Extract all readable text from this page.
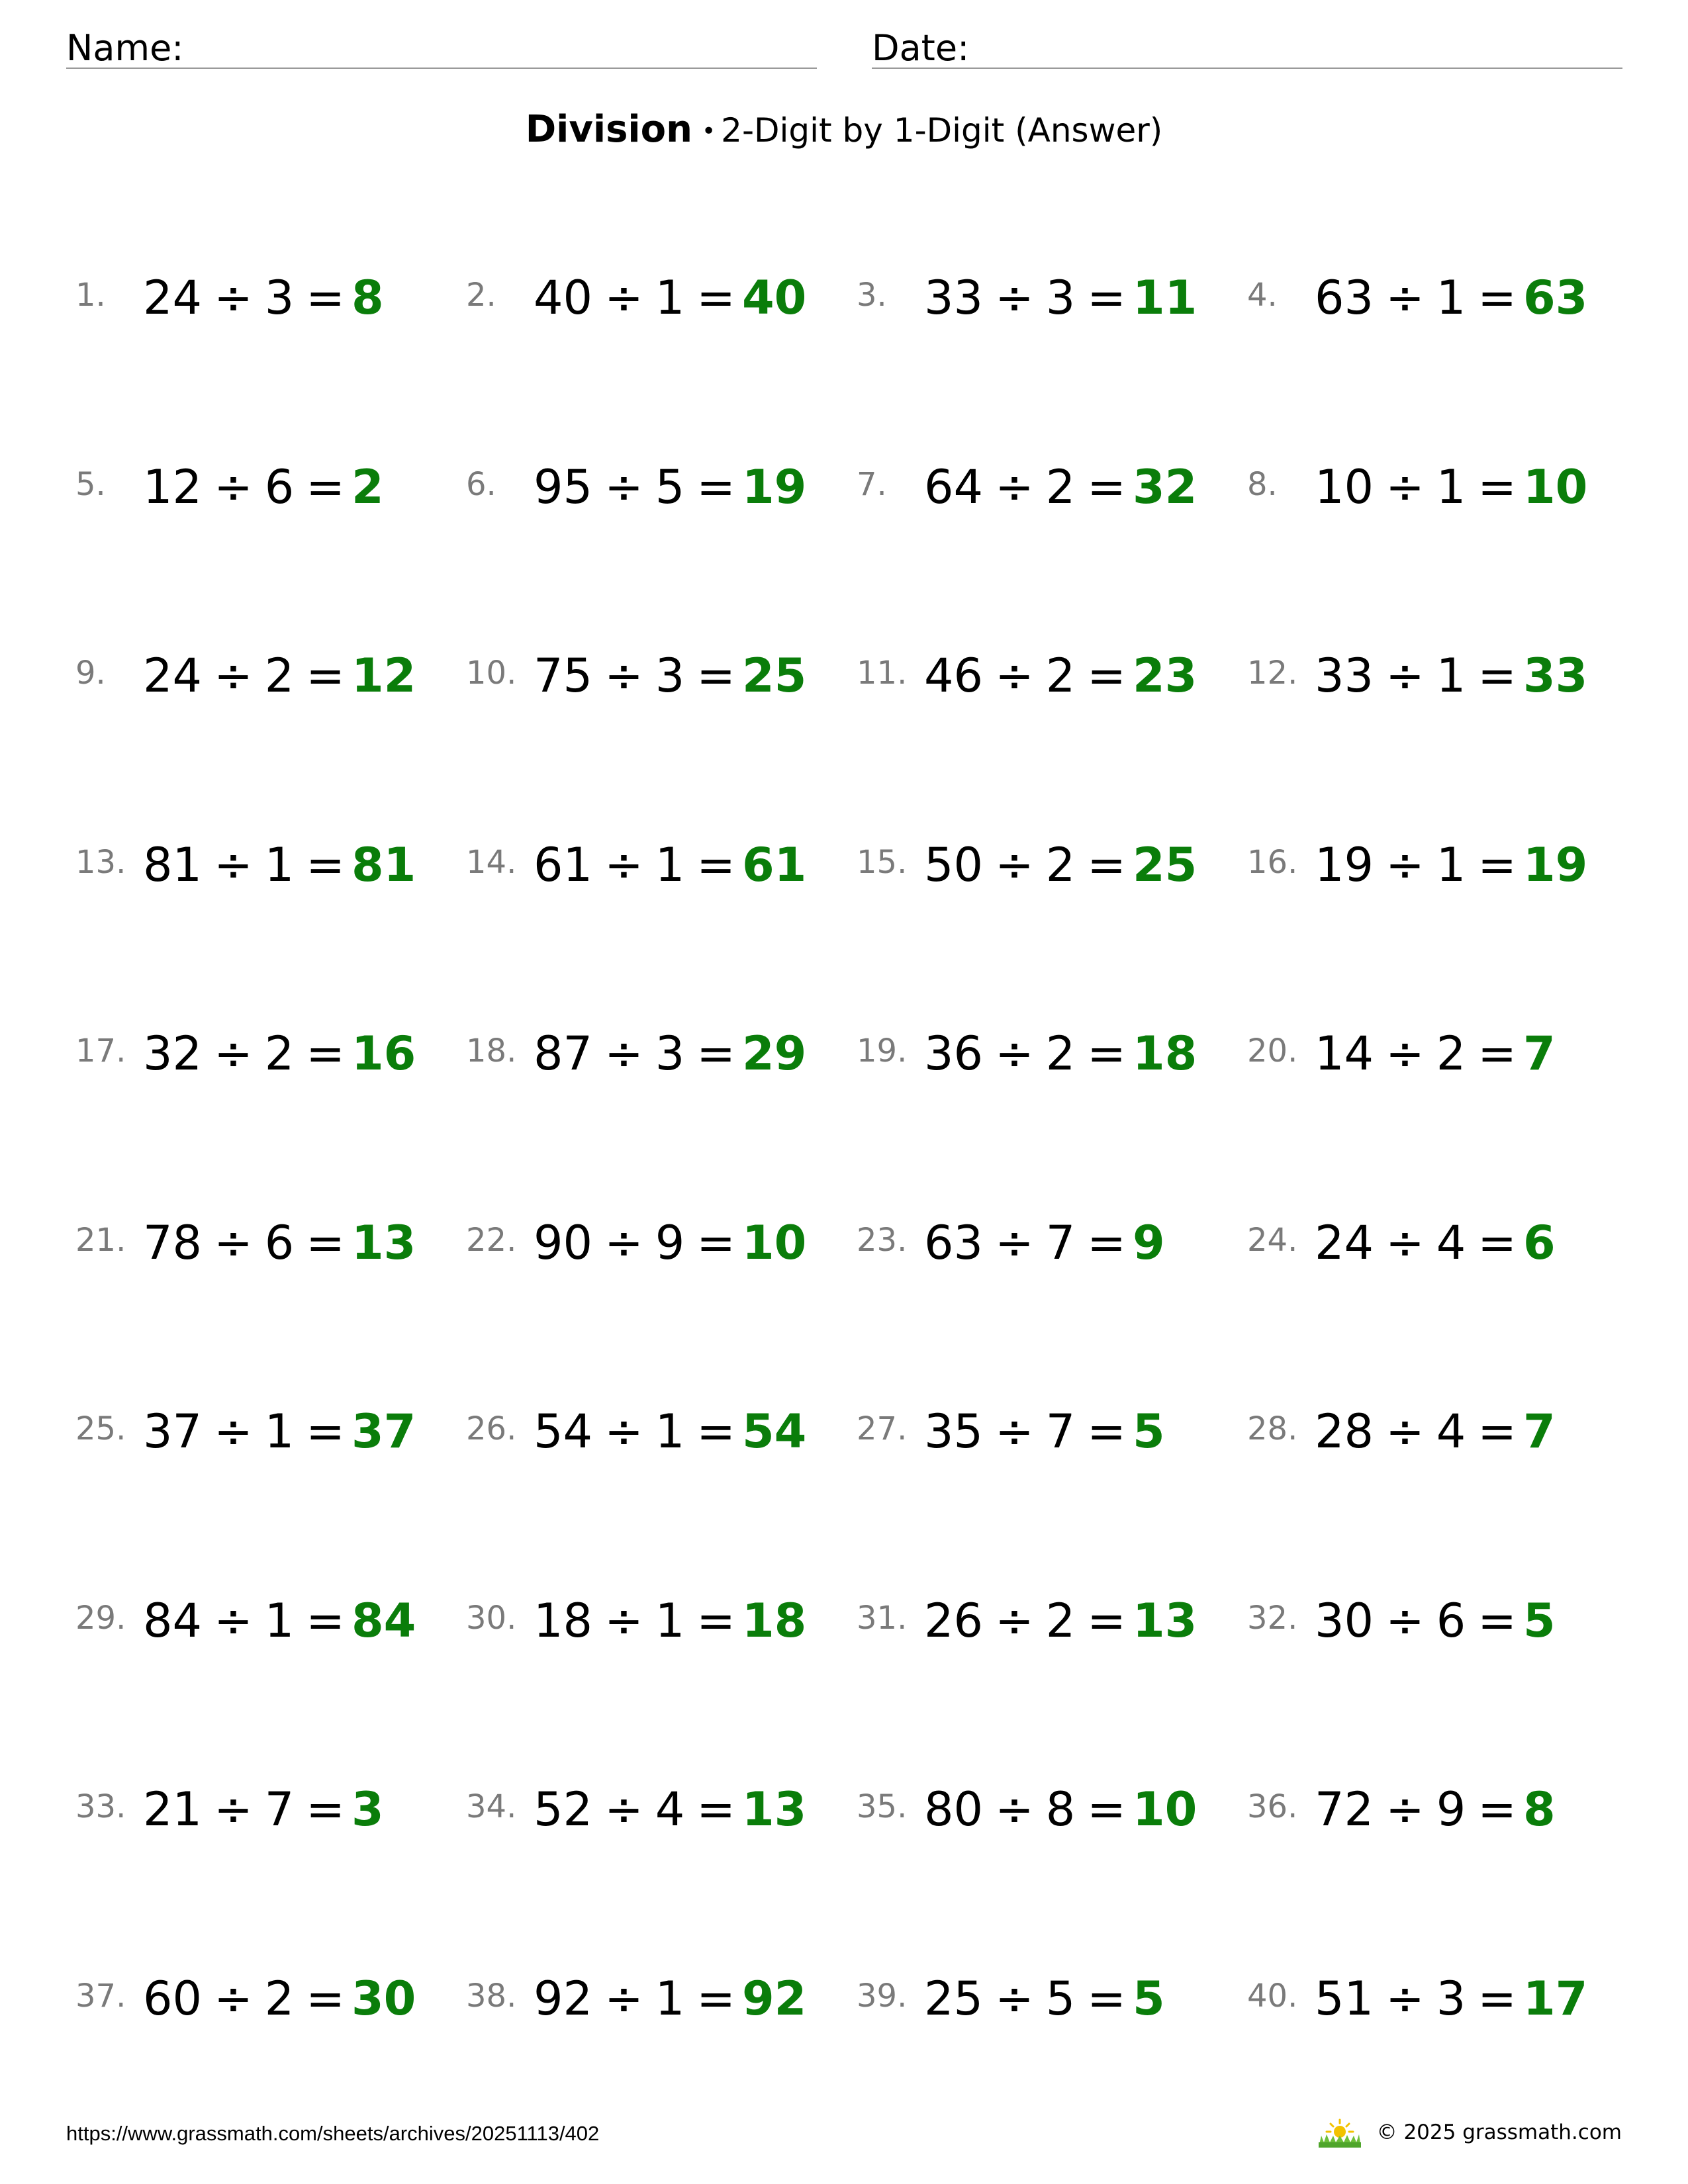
Name:	Date:
Division • 2-Digit by 1-Digit (Answer)
1. 24 ÷ 3 = 8	2. 40 ÷ 1 = 40 3. 33 ÷ 3 = 11 4. 63 ÷ 1 = 63
5. 12 ÷ 6 = 2	6. 95 ÷ 5 = 19 7. 64 ÷ 2 = 32 8. 10 ÷ 1 = 10
9. 24 ÷ 2 = 12 10. 75 ÷ 3 = 25 11. 46 ÷ 2 = 23 12. 33 ÷ 1 = 33
13. 81 ÷ 1 = 81 14. 61 ÷ 1 = 61 15. 50 ÷ 2 = 25 16. 19 ÷ 1 = 19
17. 32 ÷ 2 = 16 18. 87 ÷ 3 = 29 19. 36 ÷ 2 = 18 20. 14 ÷ 2 = 7
21. 78 ÷ 6 = 13 22. 90 ÷ 9 = 10 23. 63 ÷ 7 = 9	24. 24 ÷ 4 = 6
25. 37 ÷ 1 = 37 26. 54 ÷ 1 = 54 27. 35 ÷ 7 = 5	28. 28 ÷ 4 = 7
29. 84 ÷ 1 = 84 30. 18 ÷ 1 = 18 31. 26 ÷ 2 = 13 32. 30 ÷ 6 = 5
33. 21 ÷ 7 = 3	34. 52 ÷ 4 = 13 35. 80 ÷ 8 = 10 36. 72 ÷ 9 = 8
37. 60 ÷ 2 = 30 38. 92 ÷ 1 = 92 39. 25 ÷ 5 = 5	40. 51 ÷ 3 = 17
https://www.grassmath.com/sheets/archives/20251113/402	© 2025 grassmath.com
